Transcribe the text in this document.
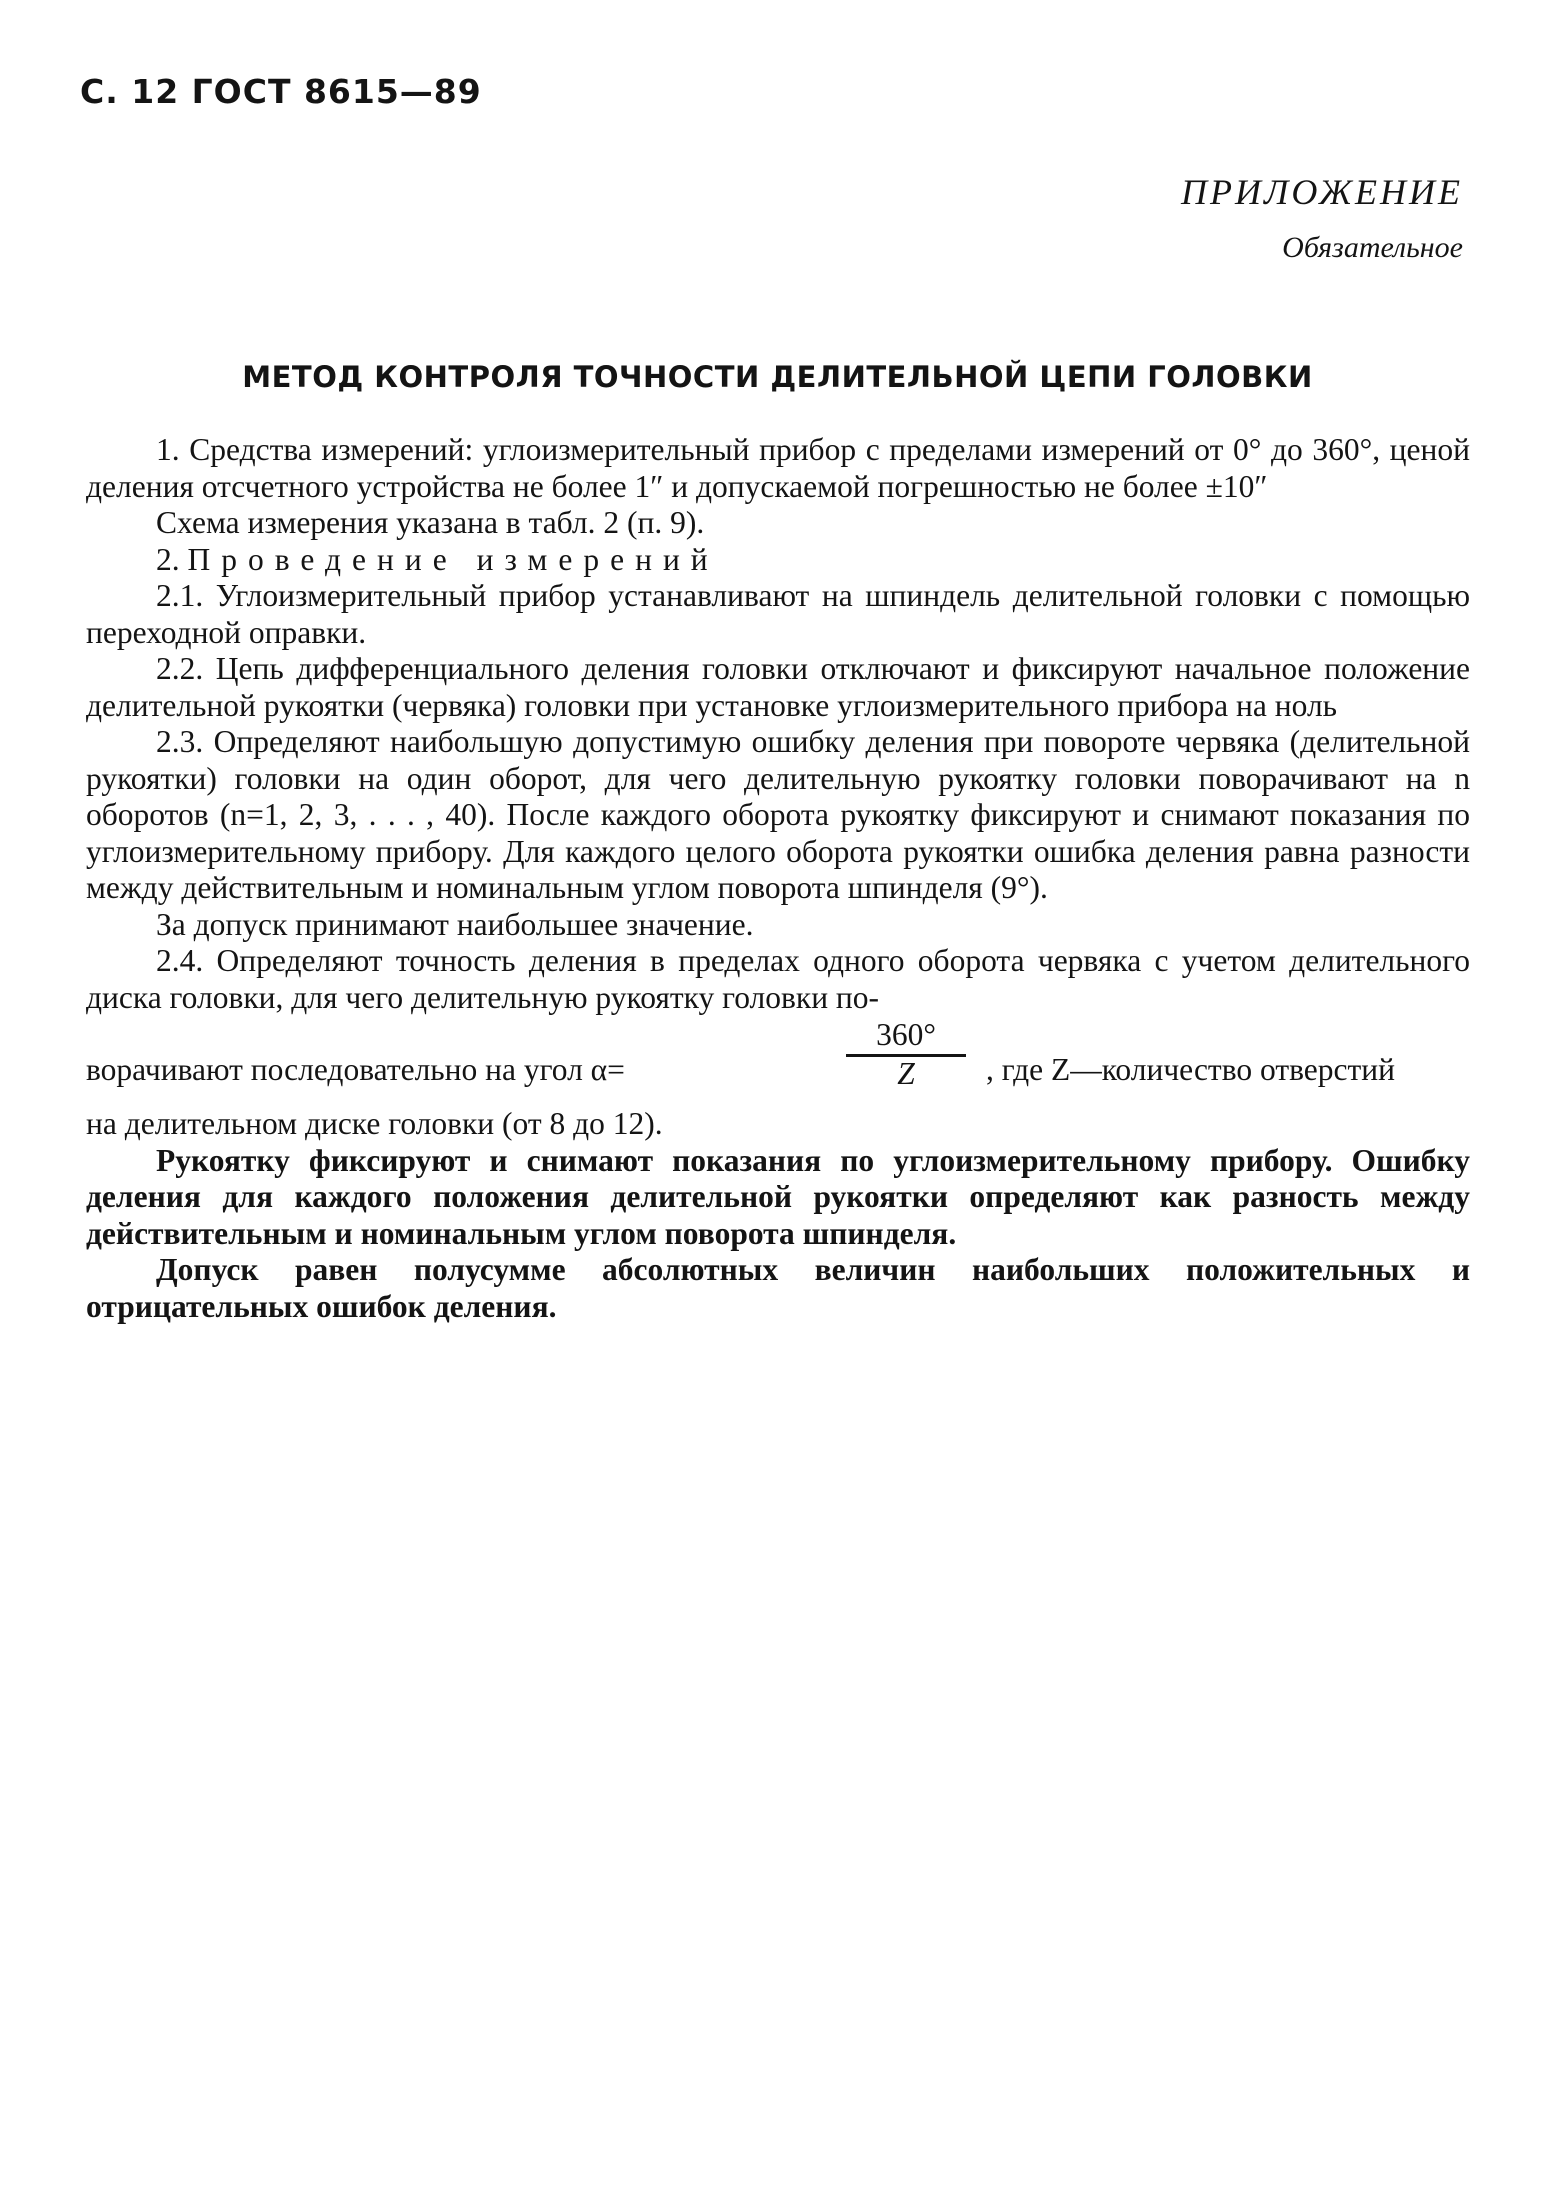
С. 12 ГОСТ 8615—89
ПРИЛОЖЕНИЕ
Обязательное
МЕТОД КОНТРОЛЯ ТОЧНОСТИ ДЕЛИТЕЛЬНОЙ ЦЕПИ ГОЛОВКИ

1. Средства измерений: углоизмерительный прибор с пределами измерений от 0° до 360°, ценой деления отсчетного устройства не более 1″ и допускаемой погрешностью не более ±10″

Схема измерения указана в табл. 2 (п. 9).

2. Проведение измерений

2.1. Углоизмерительный прибор устанавливают на шпиндель делительной головки с помощью переходной оправки.

2.2. Цепь дифференциального деления головки отключают и фиксируют начальное положение делительной рукоятки (червяка) головки при установке углоизмерительного прибора на ноль

2.3. Определяют наибольшую допустимую ошибку деления при повороте червяка (делительной рукоятки) головки на один оборот, для чего делительную рукоятку головки поворачивают на n оборотов (n=1, 2, 3, . . . , 40). После каждого оборота рукоятку фиксируют и снимают показания по углоизмерительному прибору. Для каждого целого оборота рукоятки ошибка деления равна разности между действительным и номинальным углом поворота шпинделя (9°).

За допуск принимают наибольшее значение.

2.4. Определяют точность деления в пределах одного оборота червяка с учетом делительного диска головки, для чего делительную рукоятку головки по-

ворачивают последовательно на угол α=	$\frac{360^\circ}{Z}$ , где Z—количество отверстий

на делительном диске головки (от 8 до 12).

Рукоятку фиксируют и снимают показания по углоизмерительному прибору. Ошибку деления для каждого положения делительной рукоятки определяют как разность между действительным и номинальным углом поворота шпинделя.

Допуск равен полусумме абсолютных величин наибольших положительных и отрицательных ошибок деления.
